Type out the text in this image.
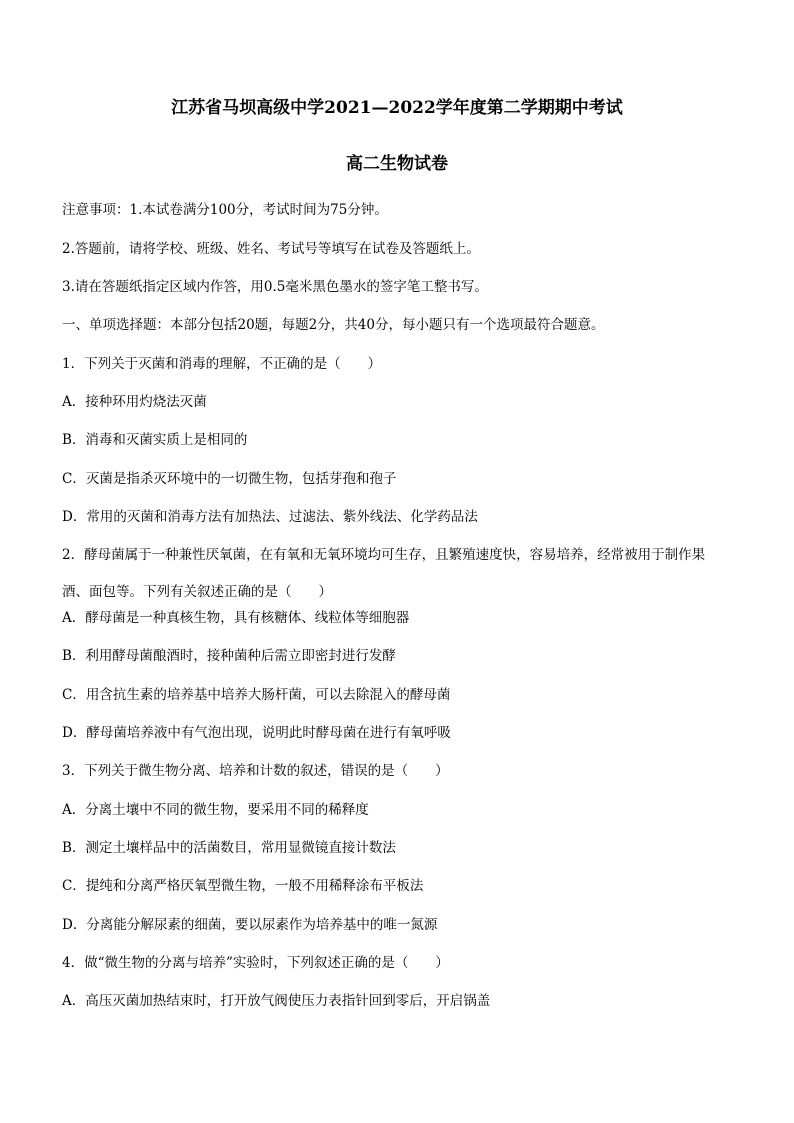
江苏省马坝高级中学2021—2022学年度第二学期期中考试
高二生物试卷
注意事项：1.本试卷满分100分，考试时间为75分钟。
2.答题前，请将学校、班级、姓名、考试号等填写在试卷及答题纸上。
3.请在答题纸指定区域内作答，用0.5毫米黑色墨水的签字笔工整书写。
一、单项选择题：本部分包括20题，每题2分，共40分，每小题只有一个选项最符合题意。
1．下列关于灭菌和消毒的理解，不正确的是（　　）
A．接种环用灼烧法灭菌
B．消毒和灭菌实质上是相同的
C．灭菌是指杀灭环境中的一切微生物，包括芽孢和孢子
D．常用的灭菌和消毒方法有加热法、过滤法、紫外线法、化学药品法
2．酵母菌属于一种兼性厌氧菌，在有氧和无氧环境均可生存，且繁殖速度快，容易培养，经常被用于制作果酒、面包等。下列有关叙述正确的是（　　）
A．酵母菌是一种真核生物，具有核糖体、线粒体等细胞器
B．利用酵母菌酿酒时，接种菌种后需立即密封进行发酵
C．用含抗生素的培养基中培养大肠杆菌，可以去除混入的酵母菌
D．酵母菌培养液中有气泡出现，说明此时酵母菌在进行有氧呼吸
3．下列关于微生物分离、培养和计数的叙述，错误的是（　　）
A．分离土壤中不同的微生物，要采用不同的稀释度
B．测定土壤样品中的活菌数目，常用显微镜直接计数法
C．提纯和分离严格厌氧型微生物，一般不用稀释涂布平板法
D．分离能分解尿素的细菌，要以尿素作为培养基中的唯一氮源
4．做“微生物的分离与培养”实验时，下列叙述正确的是（　　）
A．高压灭菌加热结束时，打开放气阀使压力表指针回到零后，开启锅盖
